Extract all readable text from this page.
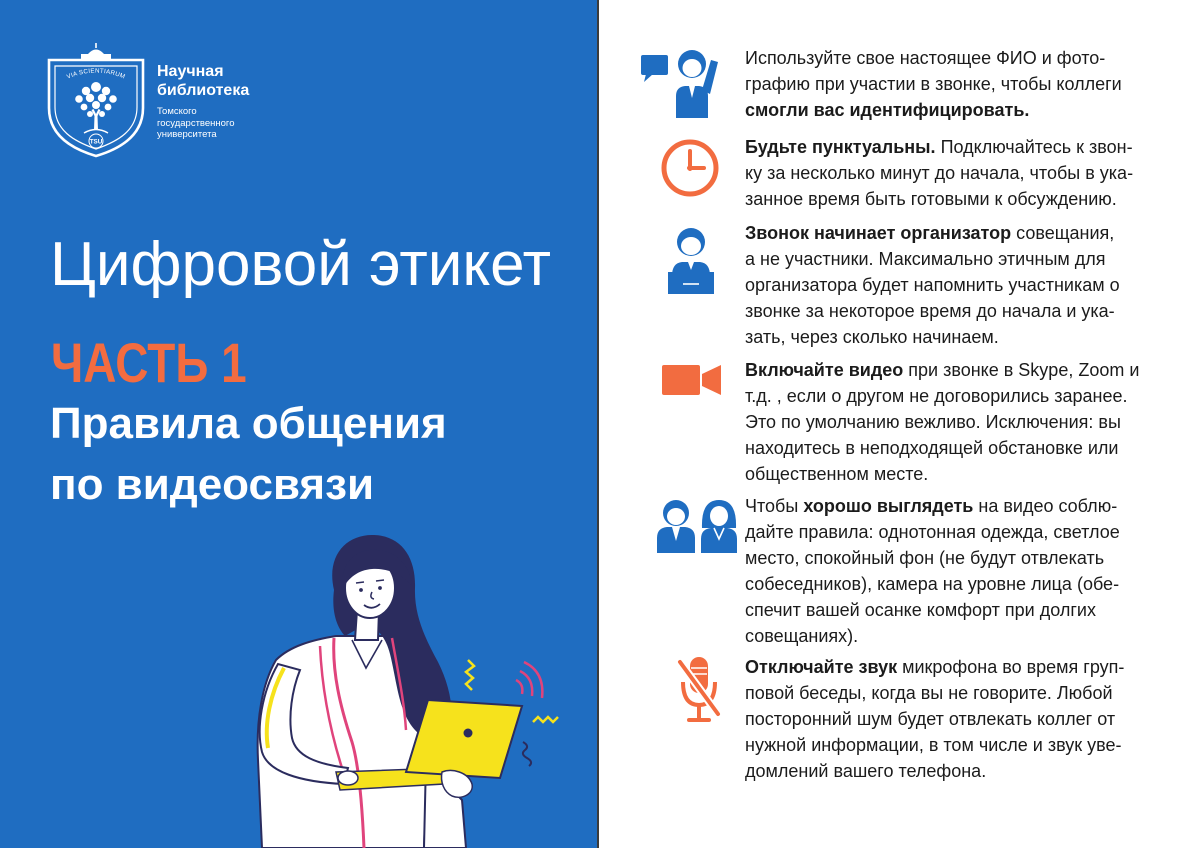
VIA SCIENTIARUM
TSU
Научная
библиотека
Томского
государственного
университета
Цифровой этикет
ЧАСТЬ 1
Правила общения
по видеосвязи
Используйте свое настоящее ФИО и фото-
графию при участии в звонке, чтобы коллеги
смогли вас идентифицировать.
Будьте пунктуальны. Подключайтесь к звон-
ку за несколько минут до начала, чтобы в ука-
занное время быть готовыми к обсуждению.
Звонок начинает организатор совещания,
а не участники. Максимально этичным для
организатора будет напомнить участникам о
звонке за некоторое время до начала и ука-
зать, через сколько начинаем.
Включайте видео при звонке в Skype, Zoom и
т.д. , если о другом не договорились заранее.
Это по умолчанию вежливо. Исключения: вы
находитесь в неподходящей обстановке или
общественном месте.
Чтобы хорошо выглядеть на видео соблю-
дайте правила: однотонная одежда, светлое
место, спокойный фон (не будут отвлекать
собеседников), камера на уровне лица (обе-
спечит вашей осанке комфорт при долгих
совещаниях).
Отключайте звук микрофона во время груп-
повой беседы, когда вы не говорите. Любой
посторонний шум будет отвлекать коллег от
нужной информации, в том числе и звук уве-
домлений вашего телефона.
